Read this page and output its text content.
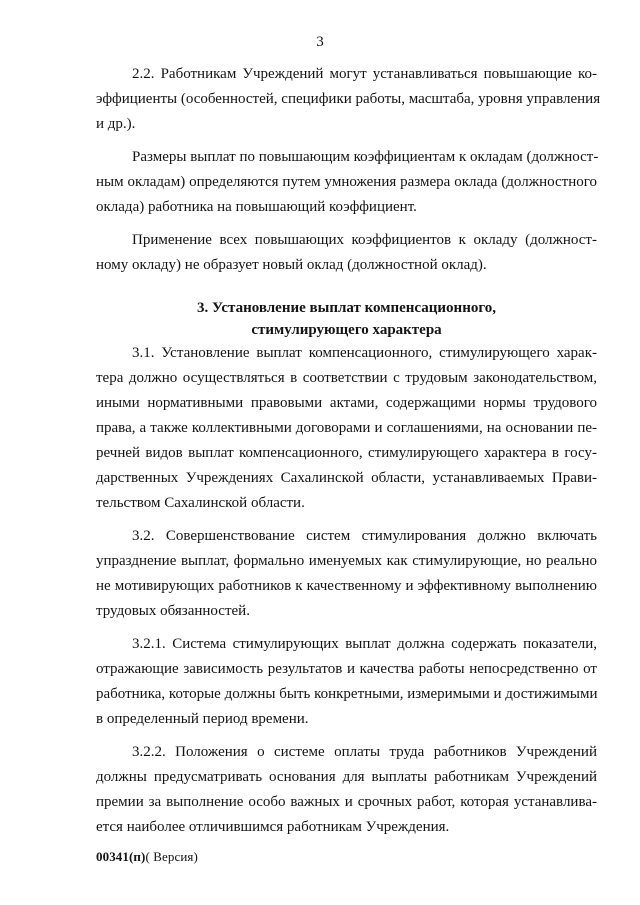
3

2.2. Работникам Учреждений могут устанавливаться повышающие ко-
эффициенты (особенностей, специфики работы, масштаба, уровня управления
и др.).

Размеры выплат по повышающим коэффициентам к окладам (должност-
ным окладам) определяются путем умножения размера оклада (должностного
оклада) работника на повышающий коэффициент.

Применение всех повышающих коэффициентов к окладу (должност-
ному окладу) не образует новый оклад (должностной оклад).

3. Установление выплат компенсационного,
стимулирующего характера

3.1. Установление выплат компенсационного, стимулирующего харак-
тера должно осуществляться в соответствии с трудовым законодательством,
иными нормативными правовыми актами, содержащими нормы трудового
права, а также коллективными договорами и соглашениями, на основании пе-
речней видов выплат компенсационного, стимулирующего характера в госу-
дарственных Учреждениях Сахалинской области, устанавливаемых Прави-
тельством Сахалинской области.

3.2. Совершенствование систем стимулирования должно включать
упразднение выплат, формально именуемых как стимулирующие, но реально
не мотивирующих работников к качественному и эффективному выполнению
трудовых обязанностей.

3.2.1. Система стимулирующих выплат должна содержать показатели,
отражающие зависимость результатов и качества работы непосредственно от
работника, которые должны быть конкретными, измеримыми и достижимыми
в определенный период времени.

3.2.2. Положения о системе оплаты труда работников Учреждений
должны предусматривать основания для выплаты работникам Учреждений
премии за выполнение особо важных и срочных работ, которая устанавлива-
ется наиболее отличившимся работникам Учреждения.

00341(п)( Версия)
